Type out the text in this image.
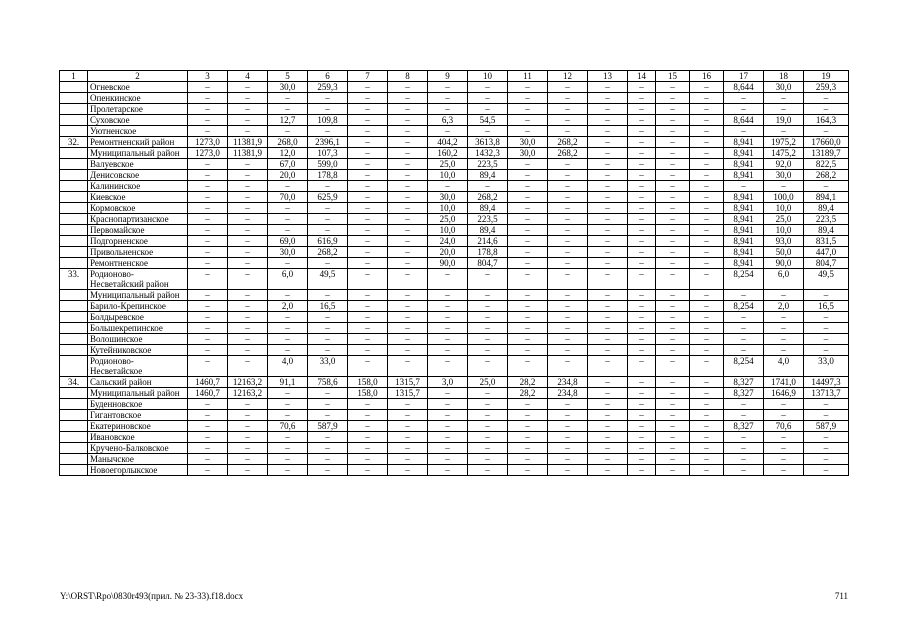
1	2	3	4	5	6	7	8	9	10	11	12	13	14	15	16	17	18	19
	Огневское	–	–	30,0	259,3	–	–	–	–	–	–	–	–	–	–	8,644	30,0	259,3
	Опенкинское	–	–	–	–	–	–	–	–	–	–	–	–	–	–	–	–	–
	Пролетарское	–	–	–	–	–	–	–	–	–	–	–	–	–	–	–	–	–
	Суховское	–	–	12,7	109,8	–	–	6,3	54,5	–	–	–	–	–	–	8,644	19,0	164,3
	Уютненское	–	–	–	–	–	–	–	–	–	–	–	–	–	–	–	–	–
32.	Ремонтненский район	1273,0	11381,9	268,0	2396,1	–	–	404,2	3613,8	30,0	268,2	–	–	–	–	8,941	1975,2	17660,0
	Муниципальный район	1273,0	11381,9	12,0	107,3	–	–	160,2	1432,3	30,0	268,2	–	–	–	–	8,941	1475,2	13189,7
	Валуевское	–	–	67,0	599,0	–	–	25,0	223,5	–	–	–	–	–	–	8,941	92,0	822,5
	Денисовское	–	–	20,0	178,8	–	–	10,0	89,4	–	–	–	–	–	–	8,941	30,0	268,2
	Калининское	–	–	–	–	–	–	–	–	–	–	–	–	–	–	–	–	–
	Киевское	–	–	70,0	625,9	–	–	30,0	268,2	–	–	–	–	–	–	8,941	100,0	894,1
	Кормовское	–	–	–	–	–	–	10,0	89,4	–	–	–	–	–	–	8,941	10,0	89,4
	Краснопартизанское	–	–	–	–	–	–	25,0	223,5	–	–	–	–	–	–	8,941	25,0	223,5
	Первомайское	–	–	–	–	–	–	10,0	89,4	–	–	–	–	–	–	8,941	10,0	89,4
	Подгорненское	–	–	69,0	616,9	–	–	24,0	214,6	–	–	–	–	–	–	8,941	93,0	831,5
	Привольненское	–	–	30,0	268,2	–	–	20,0	178,8	–	–	–	–	–	–	8,941	50,0	447,0
	Ремонтненское	–	–	–	–	–	–	90,0	804,7	–	–	–	–	–	–	8,941	90,0	804,7
33.	Родионово-Несветайский район	–	–	6,0	49,5	–	–	–	–	–	–	–	–	–	–	8,254	6,0	49,5
	Муниципальный район	–	–	–	–	–	–	–	–	–	–	–	–	–	–	–	–	–
	Барило-Крепинское	–	–	2,0	16,5	–	–	–	–	–	–	–	–	–	–	8,254	2,0	16,5
	Болдыревское	–	–	–	–	–	–	–	–	–	–	–	–	–	–	–	–	–
	Большекрепинское	–	–	–	–	–	–	–	–	–	–	–	–	–	–	–	–	–
	Волошинское	–	–	–	–	–	–	–	–	–	–	–	–	–	–	–	–	–
	Кутейниковское	–	–	–	–	–	–	–	–	–	–	–	–	–	–	–	–	–
	Родионово-Несветайское	–	–	4,0	33,0	–	–	–	–	–	–	–	–	–	–	8,254	4,0	33,0
34.	Сальский район	1460,7	12163,2	91,1	758,6	158,0	1315,7	3,0	25,0	28,2	234,8	–	–	–	–	8,327	1741,0	14497,3
	Муниципальный район	1460,7	12163,2	–	–	158,0	1315,7	–	–	28,2	234,8	–	–	–	–	8,327	1646,9	13713,7
	Буденновское	–	–	–	–	–	–	–	–	–	–	–	–	–	–	–	–	–
	Гигантовское	–	–	–	–	–	–	–	–	–	–	–	–	–	–	–	–	–
	Екатериновское	–	–	70,6	587,9	–	–	–	–	–	–	–	–	–	–	8,327	70,6	587,9
	Ивановское	–	–	–	–	–	–	–	–	–	–	–	–	–	–	–	–	–
	Кручено-Балковское	–	–	–	–	–	–	–	–	–	–	–	–	–	–	–	–	–
	Манычское	–	–	–	–	–	–	–	–	–	–	–	–	–	–	–	–	–
	Новоегорлыкское	–	–	–	–	–	–	–	–	–	–	–	–	–	–	–	–	–
Y:\ORST\Rpo\0830r493(прил. № 23-33).f18.docx	711
